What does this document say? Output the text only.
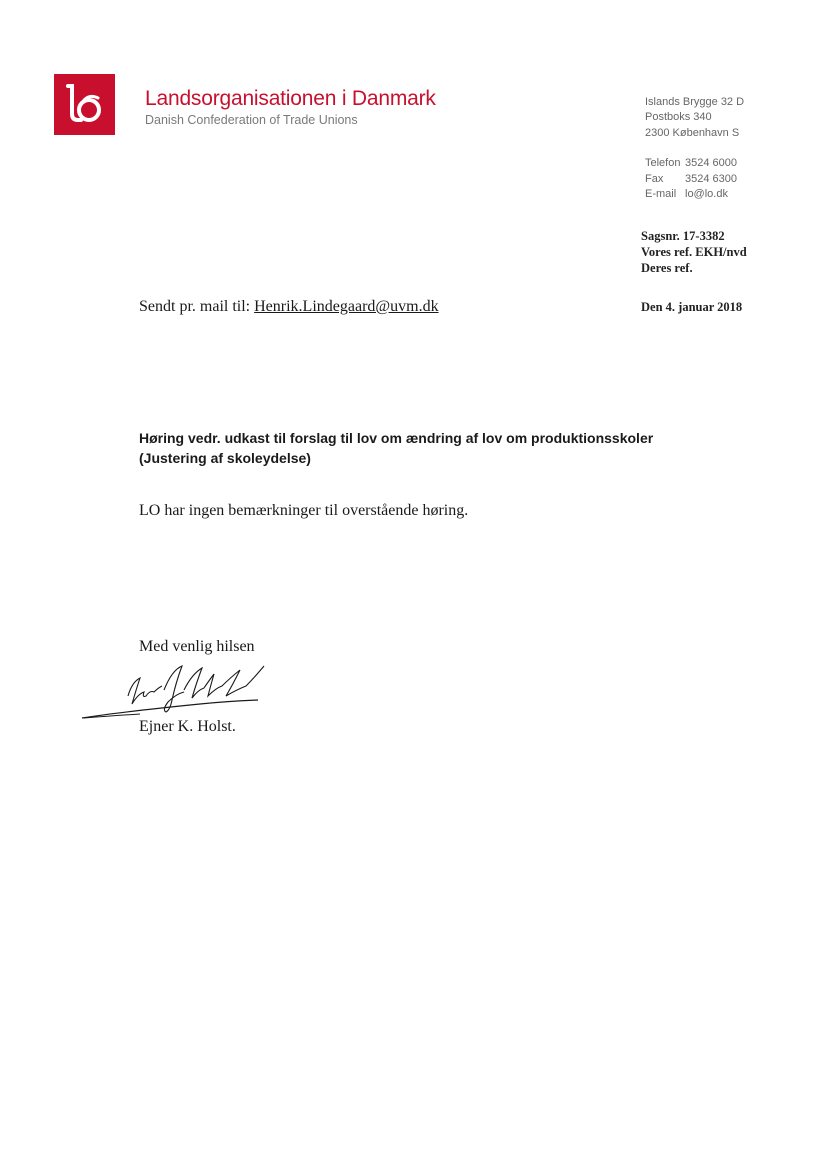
Landsorganisationen i Danmark
Danish Confederation of Trade Unions
Islands Brygge 32 D
Postboks 340
2300 København S
Telefon 3524 6000
Fax 3524 6300
E-mail lo@lo.dk
Sagsnr. 17-3382
Vores ref. EKH/nvd
Deres ref.
Sendt pr. mail til: Henrik.Lindegaard@uvm.dk	Den 4. januar 2018
Høring vedr. udkast til forslag til lov om ændring af lov om produktionsskoler
(Justering af skoleydelse)
LO har ingen bemærkninger til overstående høring.
Med venlig hilsen
Ejner K. Holst.
